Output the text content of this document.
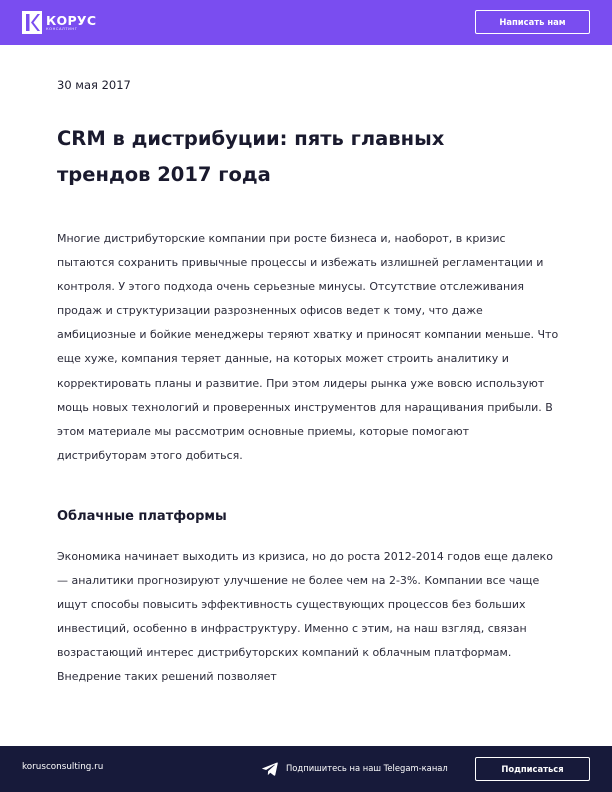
КОРУС
КОНСАЛТИНГ
Написать нам
30 мая 2017
CRM в дистрибуции: пять главных трендов 2017 года

Многие дистрибуторские компании при росте бизнеса и, наоборот, в кризис пытаются сохранить привычные процессы и избежать излишней регламентации и контроля. У этого подхода очень серьезные минусы. Отсутствие отслеживания продаж и структуризации разрозненных офисов ведет к тому, что даже амбициозные и бойкие менеджеры теряют хватку и приносят компании меньше. Что еще хуже, компания теряет данные, на которых может строить аналитику и корректировать планы и развитие. При этом лидеры рынка уже вовсю используют мощь новых технологий и проверенных инструментов для наращивания прибыли. В этом материале мы рассмотрим основные приемы, которые помогают дистрибуторам этого добиться.

Облачные платформы

Экономика начинает выходить из кризиса, но до роста 2012-2014 годов еще далеко — аналитики прогнозируют улучшение не более чем на 2-3%. Компании все чаще ищут способы повысить эффективность существующих процессов без больших инвестиций, особенно в инфраструктуру. Именно с этим, на наш взгляд, связан возрастающий интерес дистрибуторских компаний к облачным платформам. Внедрение таких решений позволяет

korusconsulting.ru	Подпишитесь на наш Telegam-канал	Подписаться
